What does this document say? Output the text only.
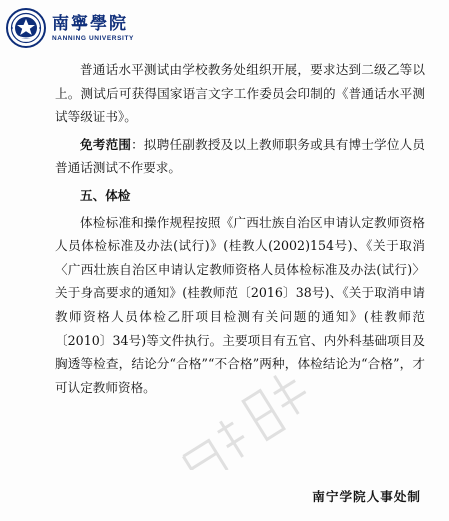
南寧學院
NANNING UNIVERSITY

普通话水平测试由学校教务处组织开展，要求达到二级乙等以上。测试后可获得国家语言文字工作委员会印制的《普通话水平测试等级证书》。

免考范围：拟聘任副教授及以上教师职务或具有博士学位人员普通话测试不作要求。

五、体检

体检标准和操作规程按照《广西壮族自治区申请认定教师资格人员体检标准及办法(试行)》(桂教人(2002)154号)、《关于取消〈广西壮族自治区申请认定教师资格人员体检标准及办法(试行)〉关于身高要求的通知》(桂教师范〔2016〕38号)、《关于取消申请教师资格人员体检乙肝项目检测有关问题的通知》(桂教师范〔2010〕34号)等文件执行。主要项目有五官、内外科基础项目及胸透等检查，结论分“合格”“不合格”两种，体检结论为“合格”，才可认定教师资格。

南宁学院人事处制
